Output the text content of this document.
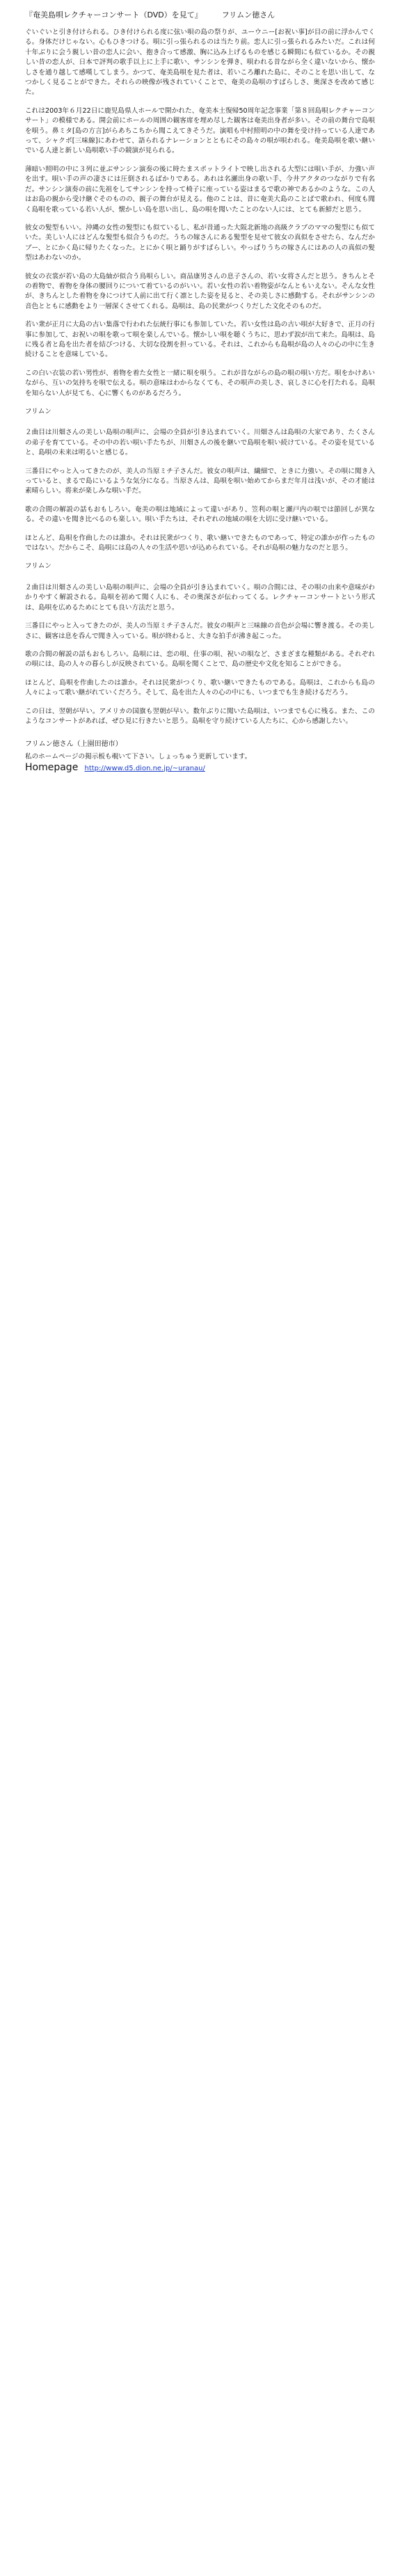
『奄美島唄レクチャーコンサート（DVD）を見て』	フリムン徳さん

ぐいぐいと引き付けられる。ひき付けられる度に弦い唄の島の祭りが、ユーウニー[お祝い事]が目の前に浮かんでくる。身体だけじゃない。心もひきつける。唄に引っ張られるのは当たり前。恋人に引っ張られるみたいだ。これは何十年ぶりに会う親しい昔の恋人に会い、抱き合って感激、胸に込み上げるものを感じる瞬間にも似ているか。その親しい昔の恋人が、日本で評判の歌手以上に上手に歌い、サンシンを弾き、唄われる昔ながら全く違いないから、懐かしさを通り越して感嘆してしまう。かつて、奄美島唄を見た者は、若いころ離れた島に、そのことを思い出して、なつかしく見ることができた。それらの映像が残されていくことで、奄美の島唄のすばらしさ、奥深さを改めて感じた。

これは2003年６月22日に鹿児島県人ホールで開かれた、奄美本土復帰50周年記念事業「第８回島唄レクチャーコンサート」の模様である。開会前にホールの周囲の観客席を埋め尽した観客は奄美出身者が多い。その前の舞台で島唄を唄う。鼻ミタ[島の方言]がらあちこちから聞こえてきそうだ。演唱も中村照明の中の舞を受け持っている人達であって、シャクボ[三味線]にあわせて、語られるナレーションとともにその島々の唄が唄われる。奄美島唄を歌い継いでいる人達と新しい島唄歌い手の競演が見られる。

薄暗い照明の中に３列に並ぶサンシン演奏の後に時たまスポットライトで映し出される大型には唄い手が、力強い声を出す。唄い手の声の凄さには圧倒されるばかりである。あれは名瀬出身の歌い手、今井アクタのつながりで有名だ。サンシン演奏の前に先祖をしてサンシンを持って椅子に座っている姿はまるで歌の神であるかのような。この人はお島の親から受け継ぐそのものの、親子の舞台が見える。他のことは、昔に奄美大島のことばで歌われ、何度も聞く島唄を歌っている若い人が、懐かしい島を思い出し、島の唄を聞いたことのない人には、とても新鮮だと思う。

彼女の髪型もいい。沖縄の女性の髪型にも似ているし、私が昔通った大阪北新地の高級クラブのママの髪型にも似ていた。美しい人にはどんな髪型も似合うものだ。うちの嫁さんにある髪型を見せて彼女の真似をさせたら、なんだかブー、とにかく島に帰りたくなった。とにかく唄と踊りがすばらしい。やっぱりうちの嫁さんにはあの人の真似の髪型はあわないのか。

彼女の衣裳が若い島の大島紬が似合う鳥唄らしい。商品康男さんの息子さんの、若い女将さんだと思う。きちんとその着物で、着物を身体の腰回りについて着ているのがいい。若い女性の若い着物姿がなんともいえない。そんな女性が、きちんとした着物を身につけて人前に出て行く凛とした姿を見ると、その美しさに感動する。それがサンシンの音色とともに感動をより一層深くさせてくれる。島唄は、島の民衆がつくりだした文化そのものだ。

若い衆が正月に大島の古い集落で行われた伝統行事にも参加していた。若い女性は島の古い唄が大好きで、正月の行事に参加して、お祝いの唄を歌って唄を楽しんでいる。懐かしい唄を聴くうちに、思わず涙が出て来た。島唄は、島に残る者と島を出た者を結びつける、大切な役割を担っている。それは、これからも島唄が島の人々の心の中に生き続けることを意味している。

この白い衣装の若い男性が、着物を着た女性と一緒に唄を唄う。これが昔ながらの島の唄の唄い方だ。唄をかけあいながら、互いの気持ちを唄で伝える。唄の意味はわからなくても、その唄声の美しさ、哀しさに心を打たれる。島唄を知らない人が見ても、心に響くものがあるだろう。

フリムン

２曲目は川畑さんの美しい島唄の唄声に、会場の全員が引き込まれていく。川畑さんは島唄の大家であり、たくさんの弟子を育てている。その中の若い唄い手たちが、川畑さんの後を継いで島唄を唄い続けている。その姿を見ていると、島唄の未来は明るいと感じる。

三番目にやっと入ってきたのが、美人の当原ミチ子さんだ。彼女の唄声は、繊細で、ときに力強い。その唄に聞き入っていると、まるで島にいるような気分になる。当原さんは、島唄を唄い始めてからまだ年月は浅いが、その才能は素晴らしい。将来が楽しみな唄い手だ。

歌の合間の解説の話もおもしろい。奄美の唄は地域によって違いがあり、笠利の唄と瀬戸内の唄では節回しが異なる。その違いを聞き比べるのも楽しい。唄い手たちは、それぞれの地域の唄を大切に受け継いでいる。

ほとんど、島唄を作曲したのは誰か。それは民衆がつくり、歌い継いできたものであって、特定の誰かが作ったものではない。だからこそ、島唄には島の人々の生活や思いが込められている。それが島唄の魅力なのだと思う。

フリムン

２曲目は川畑さんの美しい島唄の唄声に、会場の全員が引き込まれていく。唄の合間には、その唄の由来や意味がわかりやすく解説される。島唄を初めて聞く人にも、その奥深さが伝わってくる。レクチャーコンサートという形式は、島唄を広めるためにとても良い方法だと思う。

三番目にやっと入ってきたのが、美人の当原ミチ子さんだ。彼女の唄声と三味線の音色が会場に響き渡る。その美しさに、観客は息を呑んで聞き入っている。唄が終わると、大きな拍手が沸き起こった。

歌の合間の解説の話もおもしろい。島唄には、恋の唄、仕事の唄、祝いの唄など、さまざまな種類がある。それぞれの唄には、島の人々の暮らしが反映されている。島唄を聞くことで、島の歴史や文化を知ることができる。

ほとんど、島唄を作曲したのは誰か。それは民衆がつくり、歌い継いできたものである。島唄は、これからも島の人々によって歌い継がれていくだろう。そして、島を出た人々の心の中にも、いつまでも生き続けるだろう。

この日は、翌朝が早い。アメリカの国旗も翌朝が早い。数年ぶりに聞いた島唄は、いつまでも心に残る。また、このようなコンサートがあれば、ぜひ見に行きたいと思う。島唄を守り続けている人たちに、心から感謝したい。

フリムン徳さん（上園田徳市）
私のホームページの掲示板も覗いて下さい。しょっちゅう更新しています。
Homepage http://www.d5.dion.ne.jp/~uranau/
